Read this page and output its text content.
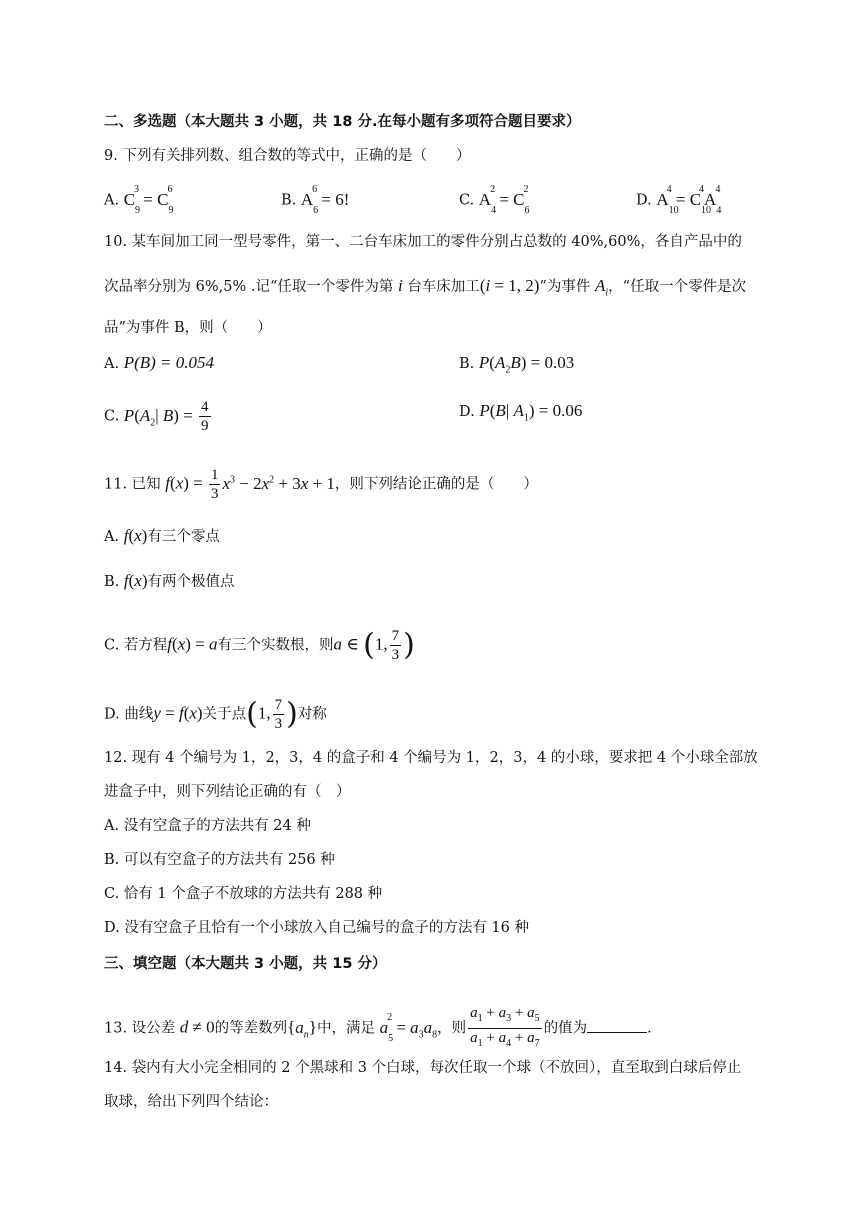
二、多选题（本大题共 3 小题，共 18 分.在每小题有多项符合题目要求）
9. 下列有关排列数、组合数的等式中，正确的是（　　）
A. $C_9^3 = C_9^6$
B. $A_6^6 = 6$!	C. $A_4^2 = C_6^2$
D. $A_{10}^4 = C_{10}^4A_4^4$
10. 某车间加工同一型号零件，第一、二台车床加工的零件分别占总数的 40%,60%，各自产品中的
次品率分别为 6%,5% .记“任取一个零件为第 i 台车床加工(i = 1, 2)”为事件 $A_i$，“任取一个零件是次
品”为事件 B，则（　　）
A. P(B) = 0.054	B. $P(A_2B) = 0.03$
C. $P(A_2|$ $B) = \frac{4}{9}$	D. P(B| $A_1) = 0.06$
11. 已知 $f(x) = \frac{1}{3} x^3 - 2x^2 + 3x + 1$，则下列结论正确的是（　　）
A. f(x)有三个零点
B. f(x)有两个极值点
C. 若方程f(x) = a有三个实数根，则a ∈ (1, $\frac{7}{3}$ )
D. 曲线y = f(x)关于点(1, $\frac{7}{3}$ )对称
12. 现有 4 个编号为 1，2，3，4 的盒子和 4 个编号为 1，2，3，4 的小球，要求把 4 个小球全部放
进盒子中，则下列结论正确的有（　）
A. 没有空盒子的方法共有 24 种
B. 可以有空盒子的方法共有 256 种
C. 恰有 1 个盒子不放球的方法共有 288 种
D. 没有空盒子且恰有一个小球放入自己编号的盒子的方法有 16 种
三、填空题（本大题共 3 小题，共 15 分）
13. 设公差 d ≠ 0的等差数列$\{a_n\}$中，满足 $a_5^2 = a_3a_8$，则 $\frac{a_1 + a_3 + a_5}{a_1 + a_4 + a_7}$ 的值为	.
14. 袋内有大小完全相同的 2 个黑球和 3 个白球，每次任取一个球（不放回），直至取到白球后停止
取球，给出下列四个结论：
